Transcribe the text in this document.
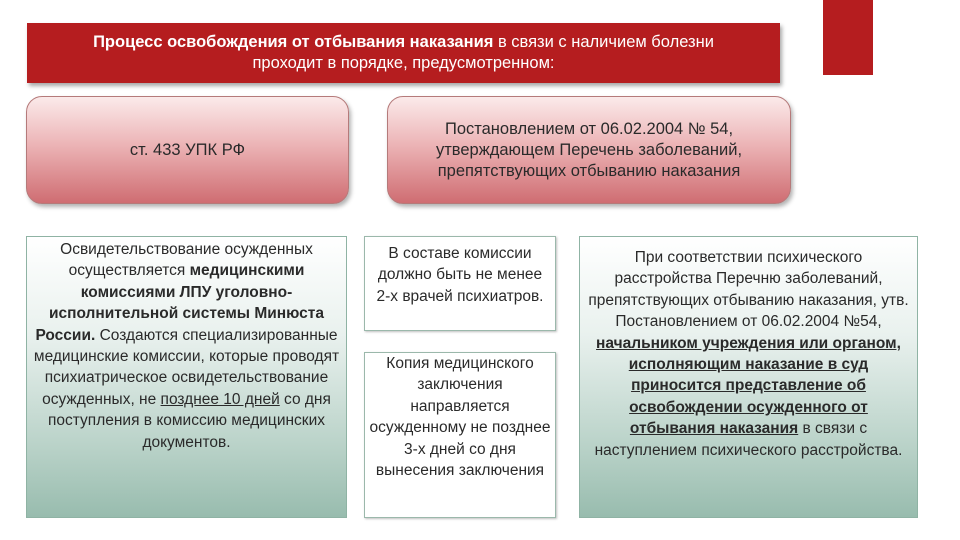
Процесс освобождения от отбывания наказания в связи с наличием болезни
проходит в порядке, предусмотренном:
ст. 433 УПК РФ
Постановлением от 06.02.2004 № 54, утверждающем Перечень заболеваний, препятствующих отбыванию наказания
Освидетельствование осужденных осуществляется медицинскими комиссиями ЛПУ уголовно-исполнительной системы Минюста России. Создаются специализированные медицинские комиссии, которые проводят психиатрическое освидетельствование осужденных, не позднее 10 дней со дня поступления в комиссию медицинских документов.
В составе комиссии должно быть не менее 2-х врачей психиатров.
Копия медицинского заключения направляется осужденному не позднее 3-х дней со дня вынесения заключения
При соответствии психического расстройства Перечню заболеваний, препятствующих отбыванию наказания, утв. Постановлением от 06.02.2004 №54, начальником учреждения или органом, исполняющим наказание в суд приносится представление об освобождении осужденного от отбывания наказания в связи с наступлением психического расстройства.
